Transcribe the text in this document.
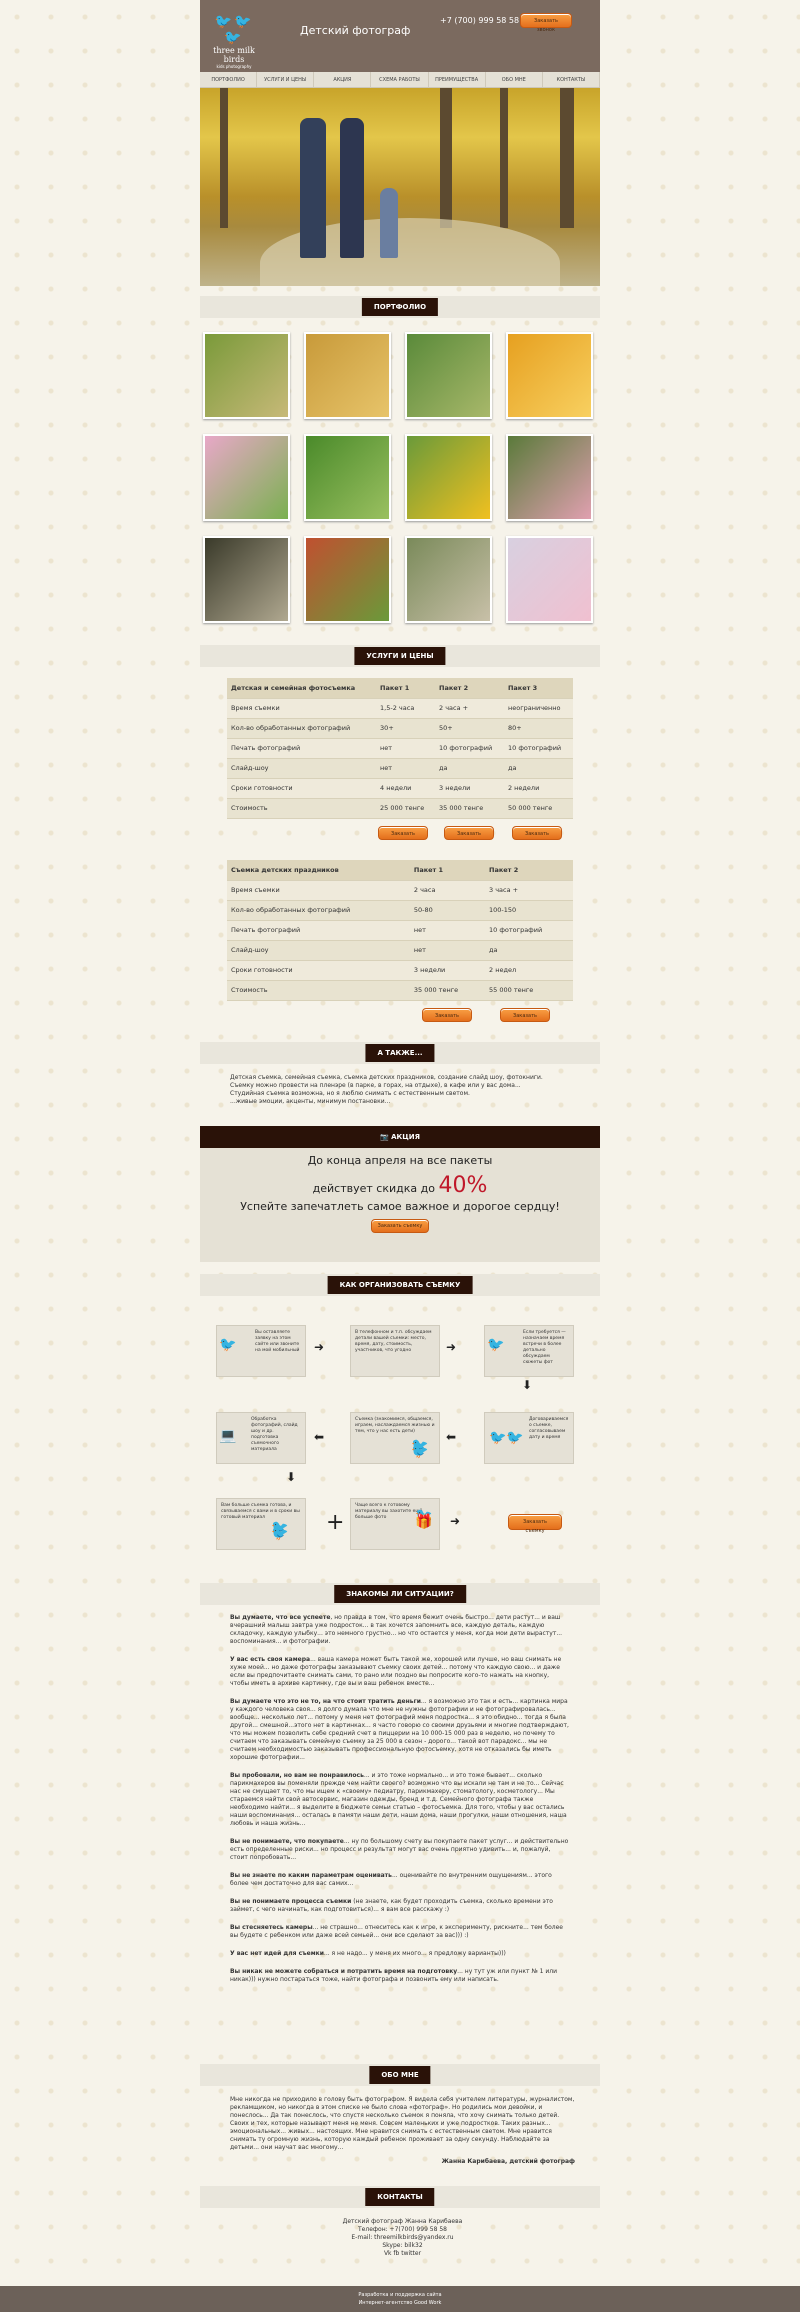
🐦🐦🐦
three milk birds
kids photography
Детский фотограф
+7 (700) 999 58 58	Заказать звонок
ПОРТФОЛИО	УСЛУГИ И ЦЕНЫ	АКЦИЯ	СХЕМА РАБОТЫ	ПРЕИМУЩЕСТВА	ОБО МНЕ	КОНТАКТЫ
ПОРТФОЛИО
УСЛУГИ И ЦЕНЫ
Детская и семейная фотосъемка	Пакет 1	Пакет 2	Пакет 3
Время съемки	1,5-2 часа	2 часа +	неограниченно
Кол-во обработанных фотографий	30+	50+	80+
Печать фотографий	нет	10 фотографий	10 фотографий
Слайд-шоу	нет	да	да
Сроки готовности	4 недели	3 недели	2 недели
Стоимость	25 000 тенге	35 000 тенге	50 000 тенге
Заказать	Заказать	Заказать
Съемка детских праздников	Пакет 1	Пакет 2
Время съемки	2 часа	3 часа +
Кол-во обработанных фотографий	50-80	100-150
Печать фотографий	нет	10 фотографий
Слайд-шоу	нет	да
Сроки готовности	3 недели	2 недел
Стоимость	35 000 тенге	55 000 тенге
Заказать	Заказать
А ТАКЖЕ...
Детская съемка, семейная съемка, съемка детских праздников, создание слайд шоу, фотокниги.
Съемку можно провести на пленэре (в парке, в горах, на отдыхе), в кафе или у вас дома...
Студийная съемка возможна, но я люблю снимать с естественным светом.
...живые эмоции, акценты, минимум постановки...
📷 АКЦИЯ

До конца апреля на все пакеты

действует скидка до 40%

Успейте запечатлеть самое важное и дорогое сердцу!

Заказать съемку
КАК ОРГАНИЗОВАТЬ СЪЕМКУ
🐦
Вы оставляете заявку на этом сайте или звоните на мой мобильный ➜
В телефонном и т.п. обсуждаем детали вашей съемки: место, время, дату, стоимость, участников, что угодно	➜ 🐦
Если требуется — назначаем время встречи в более детально обсуждаем сюжеты фот
⬇
🐦🐦
Договариваемся о съемке, согласовываем дату и время
⬅
Съемка (знакомимся, общаемся, играем, наслаждаемся жизнью и тем, что у нас есть дети)
🐦🐦
⬅
💻
Обработка фотографий, слайд шоу и др. подготовка съемочного материала
⬇
Вам больше съемка готова, и связываемся с вами и в сроки вы готовый материал
🐦🐦	+
Чаще всего к готовому материалу вы захотите ещё больше фото	🐦🎁	➜	Заказать съемку
ЗНАКОМЫ ЛИ СИТУАЦИИ?
Вы думаете, что все успеете, но правда в том, что время бежит очень быстро... дети растут... и ваш вчерашний малыш завтра уже подросток... в так хочется запомнить все, каждую деталь, каждую складочку, каждую улыбку... это немного грустно... но что остается у меня, когда мои дети вырастут... воспоминания... и фотографии.
У вас есть своя камера... ваша камера может быть такой же, хорошей или лучше, но ваш снимать не хуже моей... но даже фотографы заказывают съемку своих детей... потому что каждую свою... и даже если вы предпочитаете снимать сами, то рано или поздно вы попросите кого-то нажать на кнопку, чтобы иметь в архиве картинку, где вы и ваш ребенок вместе...
Вы думаете что это не то, на что стоит тратить деньги... я возможно это так и есть... картинка мира у каждого человека своя... я долго думала что мне не нужны фотографии и не фотографировалась... вообще... несколько лет... потому у меня нет фотографий меня подростка... я это обидно... тогда я была другой... смешной...этого нет в картинках... я часто говорю со своими друзьями и многие подтверждают, что мы можем позволить себе средний счет в пиццерии на 10 000-15 000 раз в неделю, но почему то считаем что заказывать семейную съемку за 25 000 в сезон - дорого... такой вот парадокс... мы не считаем необходимостью заказывать профессиональную фотосъемку, хотя не отказались бы иметь хорошие фотографии...
Вы пробовали, но вам не понравилось... и это тоже нормально... и это тоже бывает... сколько парикмахеров вы поменяли прежде чем найти своего? возможно что вы искали не там и не то... Сейчас нас не смущает то, что мы ищем к «своему» педиатру, парикмахеру, стоматологу, косметологу... Мы стараемся найти свой автосервис, магазин одежды, бренд и т.д. Семейного фотографа также необходимо найти... я выделите в бюджете семьи статью – фотосъемка. Для того, чтобы у вас остались наши воспоминания... осталась в памяти наши дети, наши дома, наши прогулки, наши отношения, наша любовь и наша жизнь...
Вы не понимаете, что покупаете... ну по большому счету вы покупаете пакет услуг... и действительно есть определенные риски... но процесс и результат могут вас очень приятно удивить... и, пожалуй, стоит попробовать...
Вы не знаете по каким параметрам оценивать... оценивайте по внутренним ощущениям... этого более чем достаточно для вас самих...
Вы не понимаете процесса съемки (не знаете, как будет проходить съемка, сколько времени это займет, с чего начинать, как подготовиться)... я вам все расскажу :)
Вы стесняетесь камеры... не страшно... отнеситесь как к игре, к эксперименту, рискните... тем более вы будете с ребенком или даже всей семьей... они все сделают за вас))) :)
У вас нет идей для съемки... я не надо... у меня их много... я предложу варианты)))
Вы никак не можете собраться и потратить время на подготовку... ну тут уж или пункт № 1 или никак))) нужно постараться тоже, найти фотографа и позвонить ему или написать.
ОБО МНЕ
Мне никогда не приходило в голову быть фотографом. Я видела себя учителем литературы, журналистом, рекламщиком, но никогда в этом списке не было слова «фотограф». Но родились мои девойки, и понеслось... Да так понеслось, что спустя несколько съемок я поняла, что хочу снимать только детей. Своих и тех, которые называют меня не меня. Совсем маленьких и уже подростков. Таких разных... эмоциональных... живых... настоящих. Мне нравится снимать с естественным светом. Мне нравится снимать ту огромную жизнь, которую каждый ребенок проживает за одну секунду. Наблюдайте за детьми... они научат вас многому...
Жанна Карибаева, детский фотограф
КОНТАКТЫ
Детский фотограф Жанна Карибаева
Телефон: +7(700) 999 58 58
E-mail: threemilkbirds@yandex.ru
Skype: bilk32
Vk fb twitter
Разработка и поддержка сайта
Интернет-агентство Good Work
